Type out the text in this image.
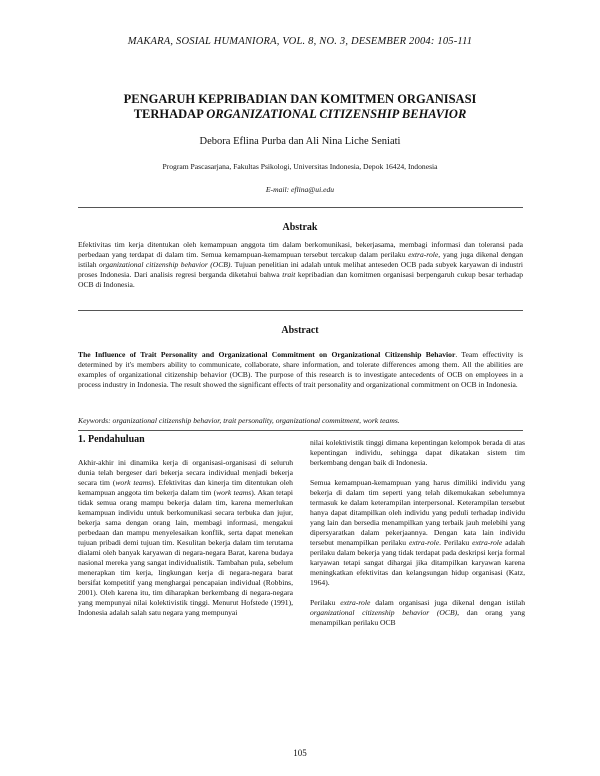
MAKARA, SOSIAL HUMANIORA, VOL. 8, NO. 3, DESEMBER 2004: 105-111
PENGARUH KEPRIBADIAN DAN KOMITMEN ORGANISASI
TERHADAP ORGANIZATIONAL CITIZENSHIP BEHAVIOR
Debora Eflina Purba dan Ali Nina Liche Seniati
Program Pascasarjana, Fakultas Psikologi, Universitas Indonesia, Depok 16424, Indonesia
E-mail: eflina@ui.edu
Abstrak

Efektivitas tim kerja ditentukan oleh kemampuan anggota tim dalam berkomunikasi, bekerjasama, membagi informasi dan toleransi pada perbedaan yang terdapat di dalam tim. Semua kemampuan-kemampuan tersebut tercakup dalam perilaku extra-role, yang juga dikenal dengan istilah organizational citizenship behavior (OCB). Tujuan penelitian ini adalah untuk melihat anteseden OCB pada subyek karyawan di industri proses Indonesia. Dari analisis regresi berganda diketahui bahwa trait kepribadian dan komitmen organisasi berpengaruh cukup besar terhadap OCB di Indonesia.

Abstract

The Influence of Trait Personality and Organizational Commitment on Organizational Citizenship Behavior. Team effectivity is determined by it's members ability to communicate, collaborate, share information, and tolerate differences among them. All the abilities are examples of organizational citizenship behavior (OCB). The purpose of this research is to investigate antecedents of OCB on employees in a process industry in Indonesia. The result showed the significant effects of trait personality and organizational commitment on OCB in Indonesia.

Keywords: organizational citizenship behavior, trait personality, organizational commitment, work teams.
1. Pendahuluan

Akhir-akhir ini dinamika kerja di organisasi-organisasi di seluruh dunia telah bergeser dari bekerja secara individual menjadi bekerja secara tim (work teams). Efektivitas dan kinerja tim ditentukan oleh kemampuan anggota tim bekerja dalam tim (work teams). Akan tetapi tidak semua orang mampu bekerja dalam tim, karena memerlukan kemampuan individu untuk berkomunikasi secara terbuka dan jujur, bekerja sama dengan orang lain, membagi informasi, mengakui perbedaan dan mampu menyelesaikan konflik, serta dapat menekan tujuan pribadi demi tujuan tim. Kesulitan bekerja dalam tim terutama dialami oleh banyak karyawan di negara-negara Barat, karena budaya nasional mereka yang sangat individualistik. Tambahan pula, sebelum menerapkan tim kerja, lingkungan kerja di negara-negara barat bersifat kompetitif yang menghargai pencapaian individual (Robbins, 2001). Oleh karena itu, tim diharapkan berkembang di negara-negara yang mempunyai nilai kolektivistik tinggi. Menurut Hofstede (1991), Indonesia adalah salah satu negara yang mempunyai

nilai kolektivistik tinggi dimana kepentingan kelompok berada di atas kepentingan individu, sehingga dapat dikatakan sistem tim berkembang dengan baik di Indonesia.

Semua kemampuan-kemampuan yang harus dimiliki individu yang bekerja di dalam tim seperti yang telah dikemukakan sebelumnya termasuk ke dalam keterampilan interpersonal. Keterampilan tersebut hanya dapat ditampilkan oleh individu yang peduli terhadap individu yang lain dan bersedia menampilkan yang terbaik jauh melebihi yang dipersyaratkan dalam pekerjaannya. Dengan kata lain individu tersebut menampilkan perilaku extra-role. Perilaku extra-role adalah perilaku dalam bekerja yang tidak terdapat pada deskripsi kerja formal karyawan tetapi sangat dihargai jika ditampilkan karyawan karena meningkatkan efektivitas dan kelangsungan hidup organisasi (Katz, 1964).

Perilaku extra-role dalam organisasi juga dikenal dengan istilah organizational citizenship behavior (OCB), dan orang yang menampilkan perilaku OCB

105
